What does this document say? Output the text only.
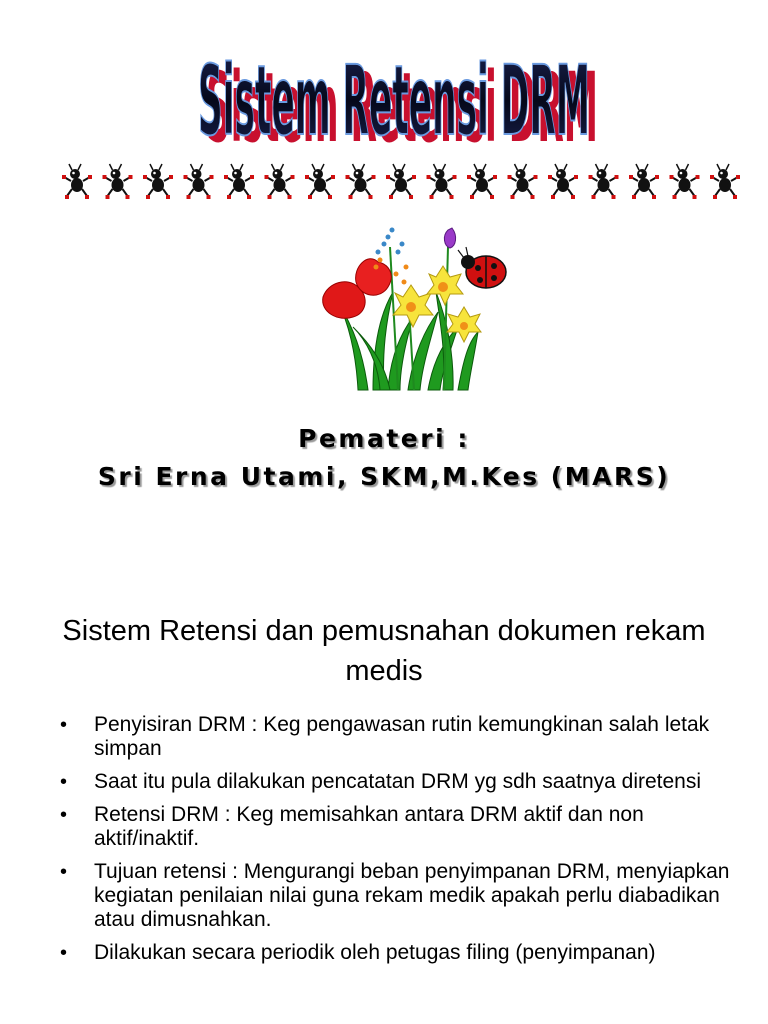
Sistem Retensi DRM
Sistem Retensi DRM
Pemateri :
Sri Erna Utami, SKM,M.Kes (MARS)
Sistem Retensi dan pemusnahan dokumen rekam medis
• Penyisiran DRM : Keg pengawasan rutin kemungkinan salah letak simpan
• Saat itu pula dilakukan pencatatan DRM yg sdh saatnya diretensi
• Retensi DRM : Keg memisahkan antara DRM aktif dan non aktif/inaktif.
• Tujuan retensi : Mengurangi beban penyimpanan DRM, menyiapkan kegiatan penilaian nilai guna rekam medik apakah perlu diabadikan atau dimusnahkan.
• Dilakukan secara periodik oleh petugas filing (penyimpanan)
